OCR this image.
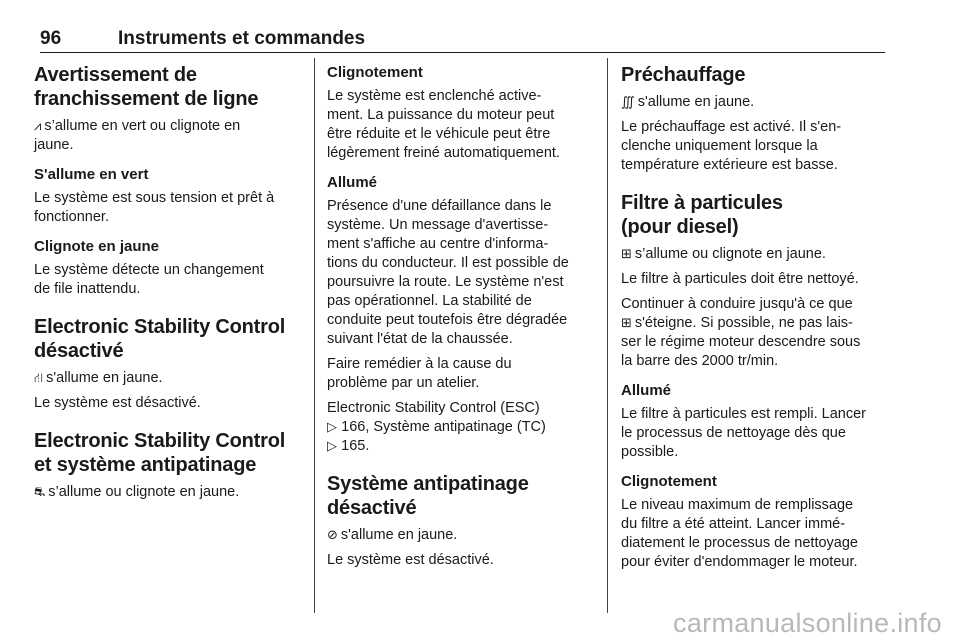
96	Instruments et commandes
Avertissement de
franchissement de ligne

⩘ s’allume en vert ou clignote en
jaune.

S'allume en vert

Le système est sous tension et prêt à
fonctionner.

Clignote en jaune

Le système détecte un changement
de file inattendu.

Electronic Stability Control
désactivé

⛙ s'allume en jaune.

Le système est désactivé.

Electronic Stability Control
et système antipatinage

⛐ s’allume ou clignote en jaune.

Clignotement

Le système est enclenché active-
ment. La puissance du moteur peut
être réduite et le véhicule peut être
légèrement freiné automatiquement.

Allumé

Présence d'une défaillance dans le
système. Un message d'avertisse-
ment s'affiche au centre d'informa-
tions du conducteur. Il est possible de
poursuivre la route. Le système n'est
pas opérationnel. La stabilité de
conduite peut toutefois être dégradée
suivant l'état de la chaussée.

Faire remédier à la cause du
problème par un atelier.

Electronic Stability Control (ESC)
▷ 166, Système antipatinage (TC)
▷ 165.

Système antipatinage
désactivé

⊘ s'allume en jaune.

Le système est désactivé.

Préchauffage

∭ s'allume en jaune.

Le préchauffage est activé. Il s'en-
clenche uniquement lorsque la
température extérieure est basse.

Filtre à particules
(pour diesel)

⊞ s’allume ou clignote en jaune.

Le filtre à particules doit être nettoyé.

Continuer à conduire jusqu'à ce que
⊞ s'éteigne. Si possible, ne pas lais-
ser le régime moteur descendre sous
la barre des 2000 tr/min.

Allumé

Le filtre à particules est rempli. Lancer
le processus de nettoyage dès que
possible.

Clignotement

Le niveau maximum de remplissage
du filtre a été atteint. Lancer immé-
diatement le processus de nettoyage
pour éviter d'endommager le moteur.

carmanualsonline.info
